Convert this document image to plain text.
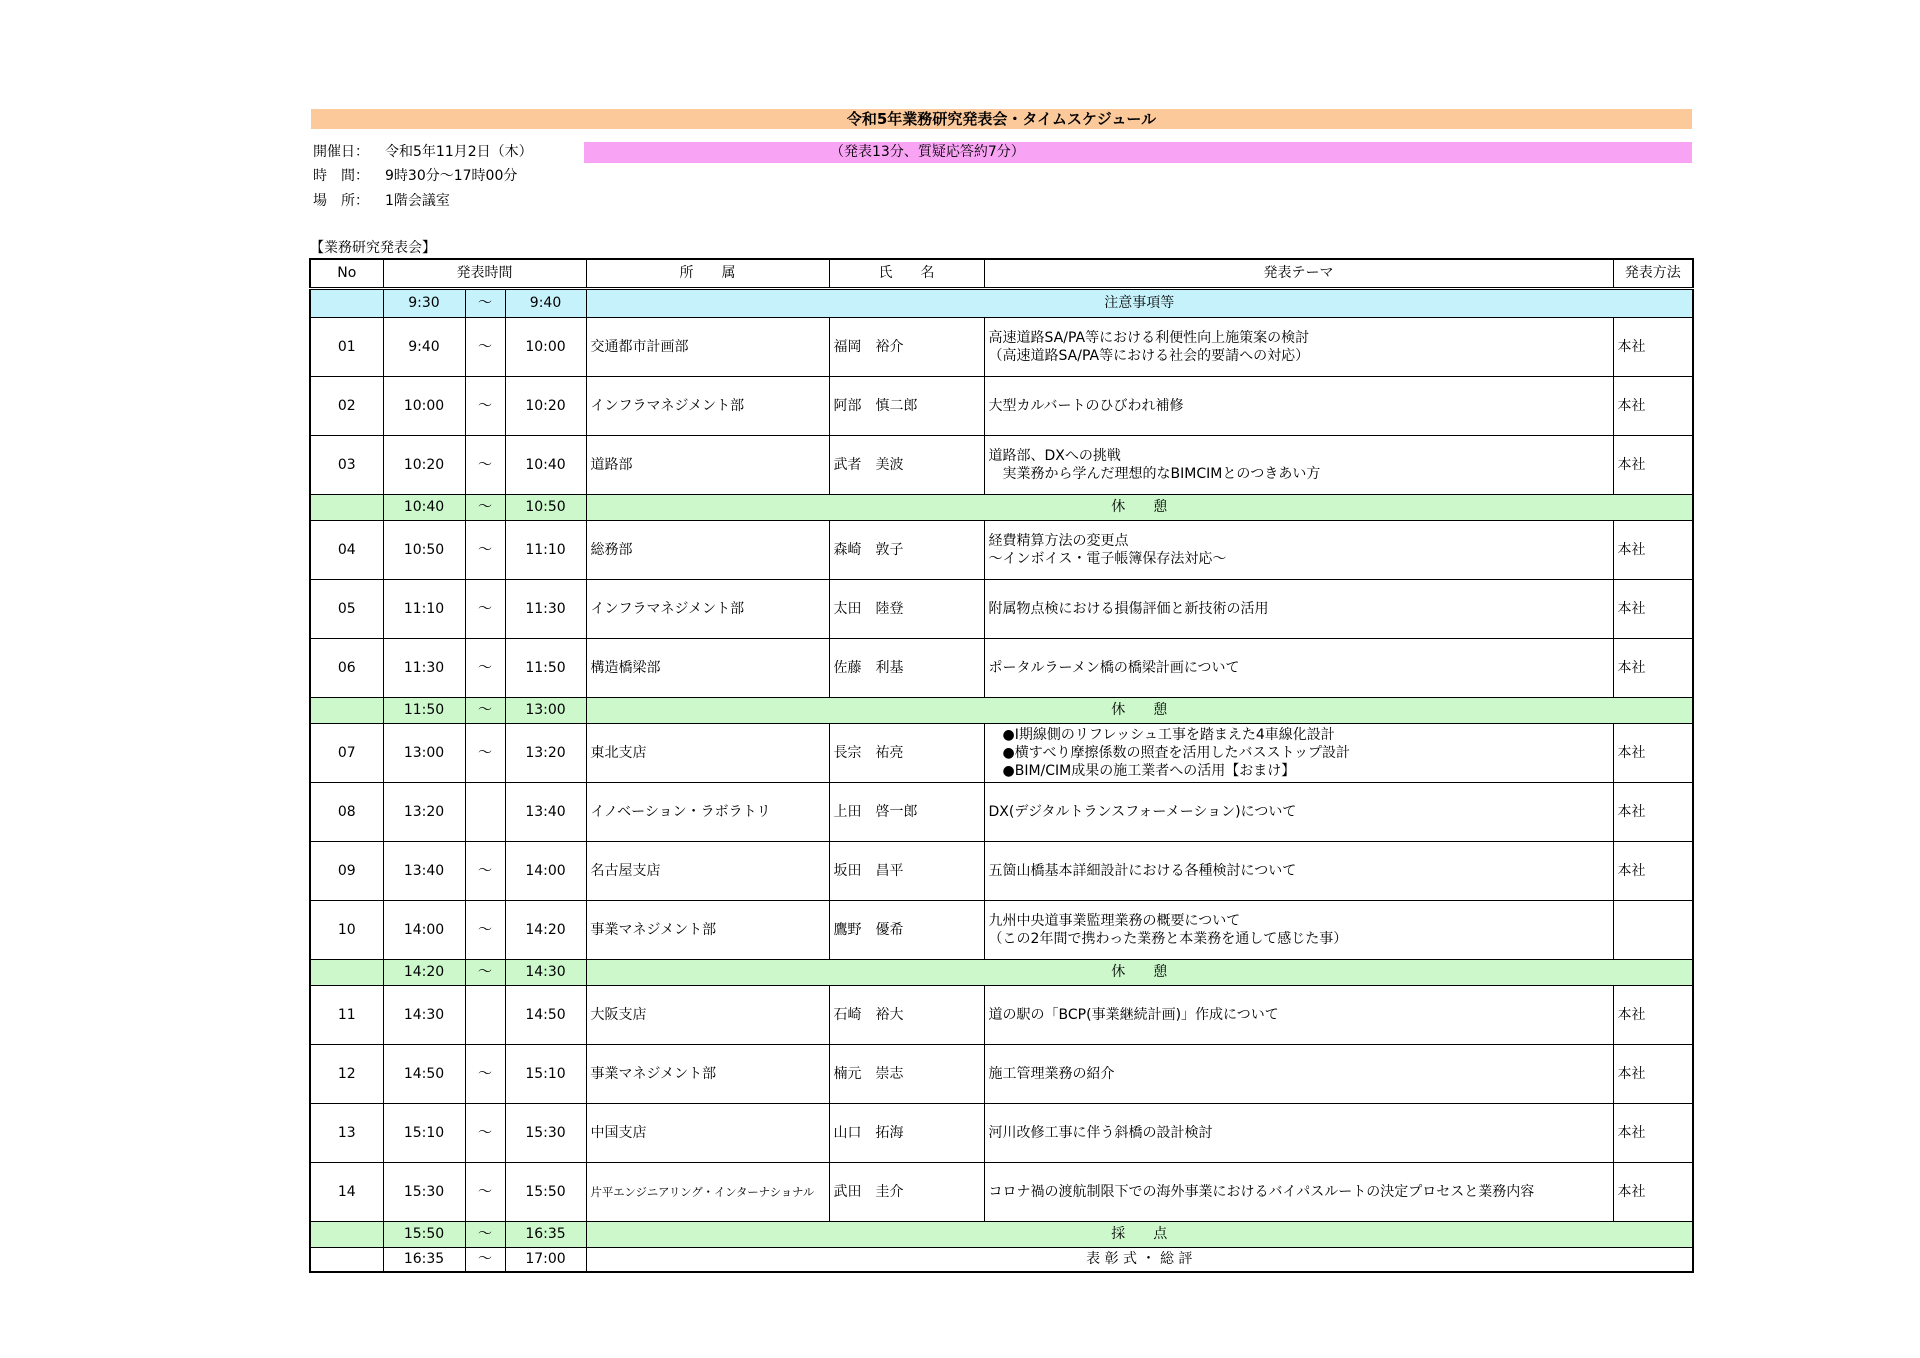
令和5年業務研究発表会・タイムスケジュール
開催日： 令和5年11月2日（木）
時　間： 9時30分～17時00分
場　所： 1階会議室
（発表13分、質疑応答約7分）
【業務研究発表会】
No	発表時間			所　　属	氏　　名	発表テーマ	発表方法
	9:30	～	9:40	注意事項等			
01	9:40	～	10:00	交通都市計画部	福岡　裕介	高速道路SA/PA等における利便性向上施策案の検討
（高速道路SA/PA等における社会的要請への対応）	本社
02	10:00	～	10:20	インフラマネジメント部	阿部　慎二郎	大型カルバートのひびわれ補修	本社
03	10:20	～	10:40	道路部	武者　美波	道路部、DXへの挑戦
　実業務から学んだ理想的なBIMCIMとのつきあい方	本社
	10:40	～	10:50	休　　憩			
04	10:50	～	11:10	総務部	森崎　敦子	経費精算方法の変更点
～インボイス・電子帳簿保存法対応～	本社
05	11:10	～	11:30	インフラマネジメント部	太田　陸登	附属物点検における損傷評価と新技術の活用	本社
06	11:30	～	11:50	構造橋梁部	佐藤　利基	ポータルラーメン橋の橋梁計画について	本社
	11:50	～	13:00	休　　憩			
07	13:00	～	13:20	東北支店	長宗　祐亮	　●Ⅰ期線側のリフレッシュ工事を踏まえた4車線化設計
　●横すべり摩擦係数の照査を活用したバスストップ設計
　●BIM/CIM成果の施工業者への活用【おまけ】	本社
08	13:20		13:40	イノベーション・ラボラトリ	上田　啓一郎	DX(デジタルトランスフォーメーション)について	本社
09	13:40	～	14:00	名古屋支店	坂田　昌平	五箇山橋基本詳細設計における各種検討について	本社
10	14:00	～	14:20	事業マネジメント部	鷹野　優希	九州中央道事業監理業務の概要について
（この2年間で携わった業務と本業務を通して感じた事）	
	14:20	～	14:30	休　　憩			
11	14:30		14:50	大阪支店	石崎　裕大	道の駅の「BCP(事業継続計画)」作成について	本社
12	14:50	～	15:10	事業マネジメント部	楠元　崇志	施工管理業務の紹介	本社
13	15:10	～	15:30	中国支店	山口　拓海	河川改修工事に伴う斜橋の設計検討	本社
14	15:30	～	15:50	片平エンジニアリング・インターナショナル	武田　圭介	コロナ禍の渡航制限下での海外事業におけるバイパスルートの決定プロセスと業務内容	本社
	15:50	～	16:35	採　　点			
	16:35	～	17:00	表 彰 式 ・ 総 評			
